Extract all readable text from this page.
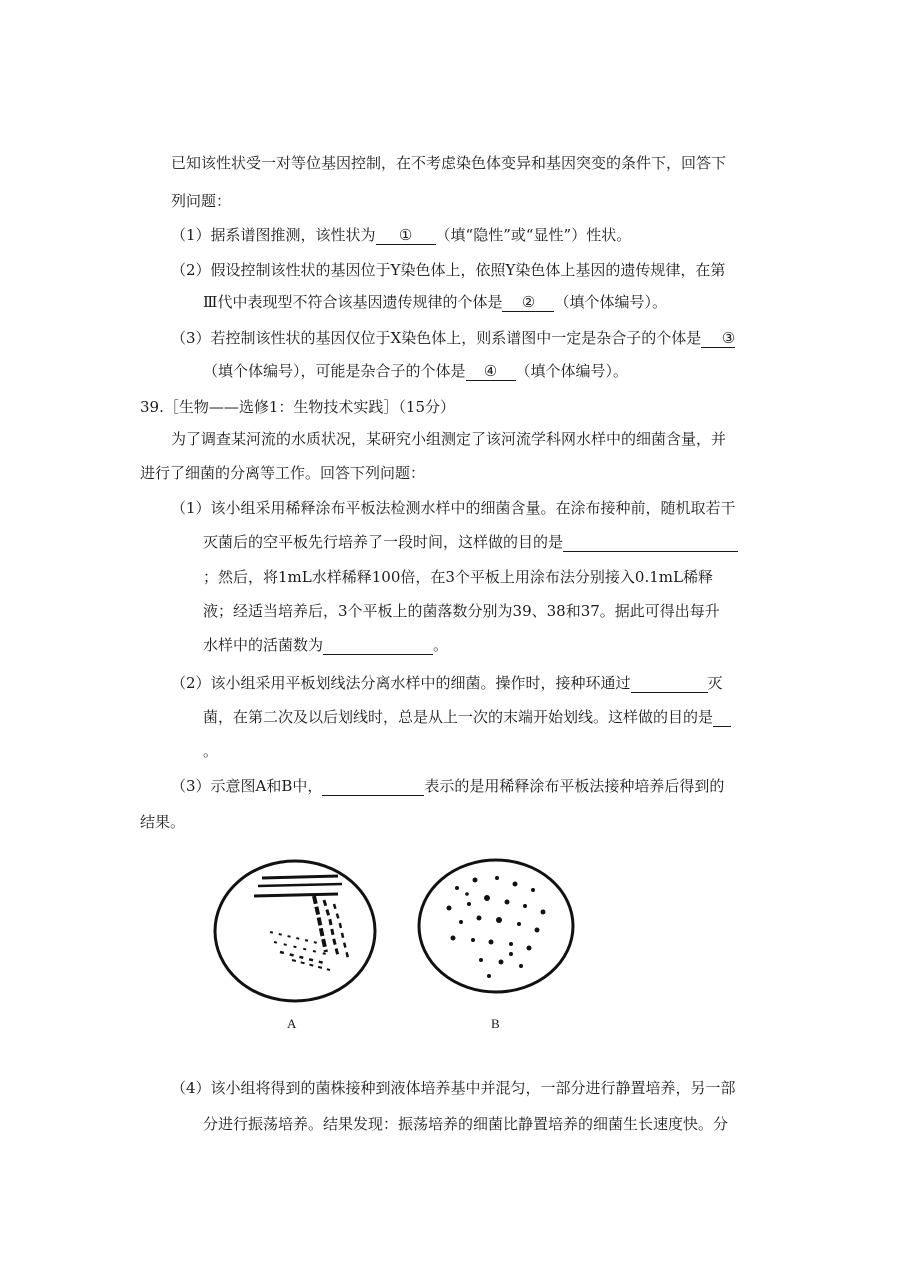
已知该性状受一对等位基因控制，在不考虑染色体变异和基因突变的条件下，回答下
列问题：
（1）据系谱图推测，该性状为 ① （填“隐性”或“显性”）性状。
（2）假设控制该性状的基因位于Y染色体上，依照Y染色体上基因的遗传规律，在第
Ⅲ代中表现型不符合该基因遗传规律的个体是 ② （填个体编号）。
（3）若控制该性状的基因仅位于X染色体上，则系谱图中一定是杂合子的个体是 ③
（填个体编号），可能是杂合子的个体是 ④ （填个体编号）。
39.［生物——选修1：生物技术实践］（15分）
为了调查某河流的水质状况，某研究小组测定了该河流学科网水样中的细菌含量，并
进行了细菌的分离等工作。回答下列问题：
（1）该小组采用稀释涂布平板法检测水样中的细菌含量。在涂布接种前，随机取若干
灭菌后的空平板先行培养了一段时间，这样做的目的是
；然后，将1mL水样稀释100倍，在3个平板上用涂布法分别接入0.1mL稀释
液；经适当培养后，3个平板上的菌落数分别为39、38和37。据此可得出每升
水样中的活菌数为	。
（2）该小组采用平板划线法分离水样中的细菌。操作时，接种环通过	灭
菌，在第二次及以后划线时，总是从上一次的末端开始划线。这样做的目的是
。
（3）示意图A和B中，	表示的是用稀释涂布平板法接种培养后得到的
结果。
A	B
（4）该小组将得到的菌株接种到液体培养基中并混匀，一部分进行静置培养，另一部
分进行振荡培养。结果发现：振荡培养的细菌比静置培养的细菌生长速度快。分
